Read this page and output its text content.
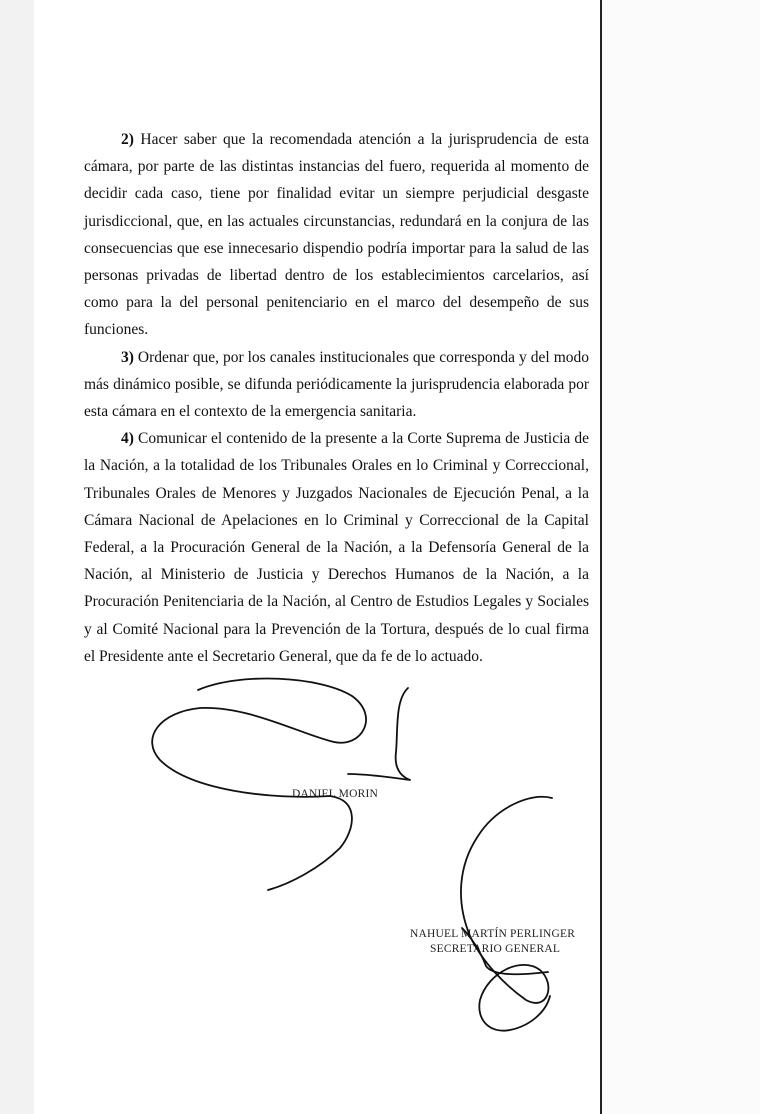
2) Hacer saber que la recomendada atención a la jurisprudencia de esta cámara, por parte de las distintas instancias del fuero, requerida al momento de decidir cada caso, tiene por finalidad evitar un siempre perjudicial desgaste jurisdiccional, que, en las actuales circunstancias, redundará en la conjura de las consecuencias que ese innecesario dispendio podría importar para la salud de las personas privadas de libertad dentro de los establecimientos carcelarios, así como para la del personal penitenciario en el marco del desempeño de sus funciones.

3) Ordenar que, por los canales institucionales que corresponda y del modo más dinámico posible, se difunda periódicamente la jurisprudencia elaborada por esta cámara en el contexto de la emergencia sanitaria.

4) Comunicar el contenido de la presente a la Corte Suprema de Justicia de la Nación, a la totalidad de los Tribunales Orales en lo Criminal y Correccional, Tribunales Orales de Menores y Juzgados Nacionales de Ejecución Penal, a la Cámara Nacional de Apelaciones en lo Criminal y Correccional de la Capital Federal, a la Procuración General de la Nación, a la Defensoría General de la Nación, al Ministerio de Justicia y Derechos Humanos de la Nación, a la Procuración Penitenciaria de la Nación, al Centro de Estudios Legales y Sociales y al Comité Nacional para la Prevención de la Tortura, después de lo cual firma el Presidente ante el Secretario General, que da fe de lo actuado.

DANIEL MORIN
NAHUEL MARTÍN PERLINGER
SECRETARIO GENERAL
